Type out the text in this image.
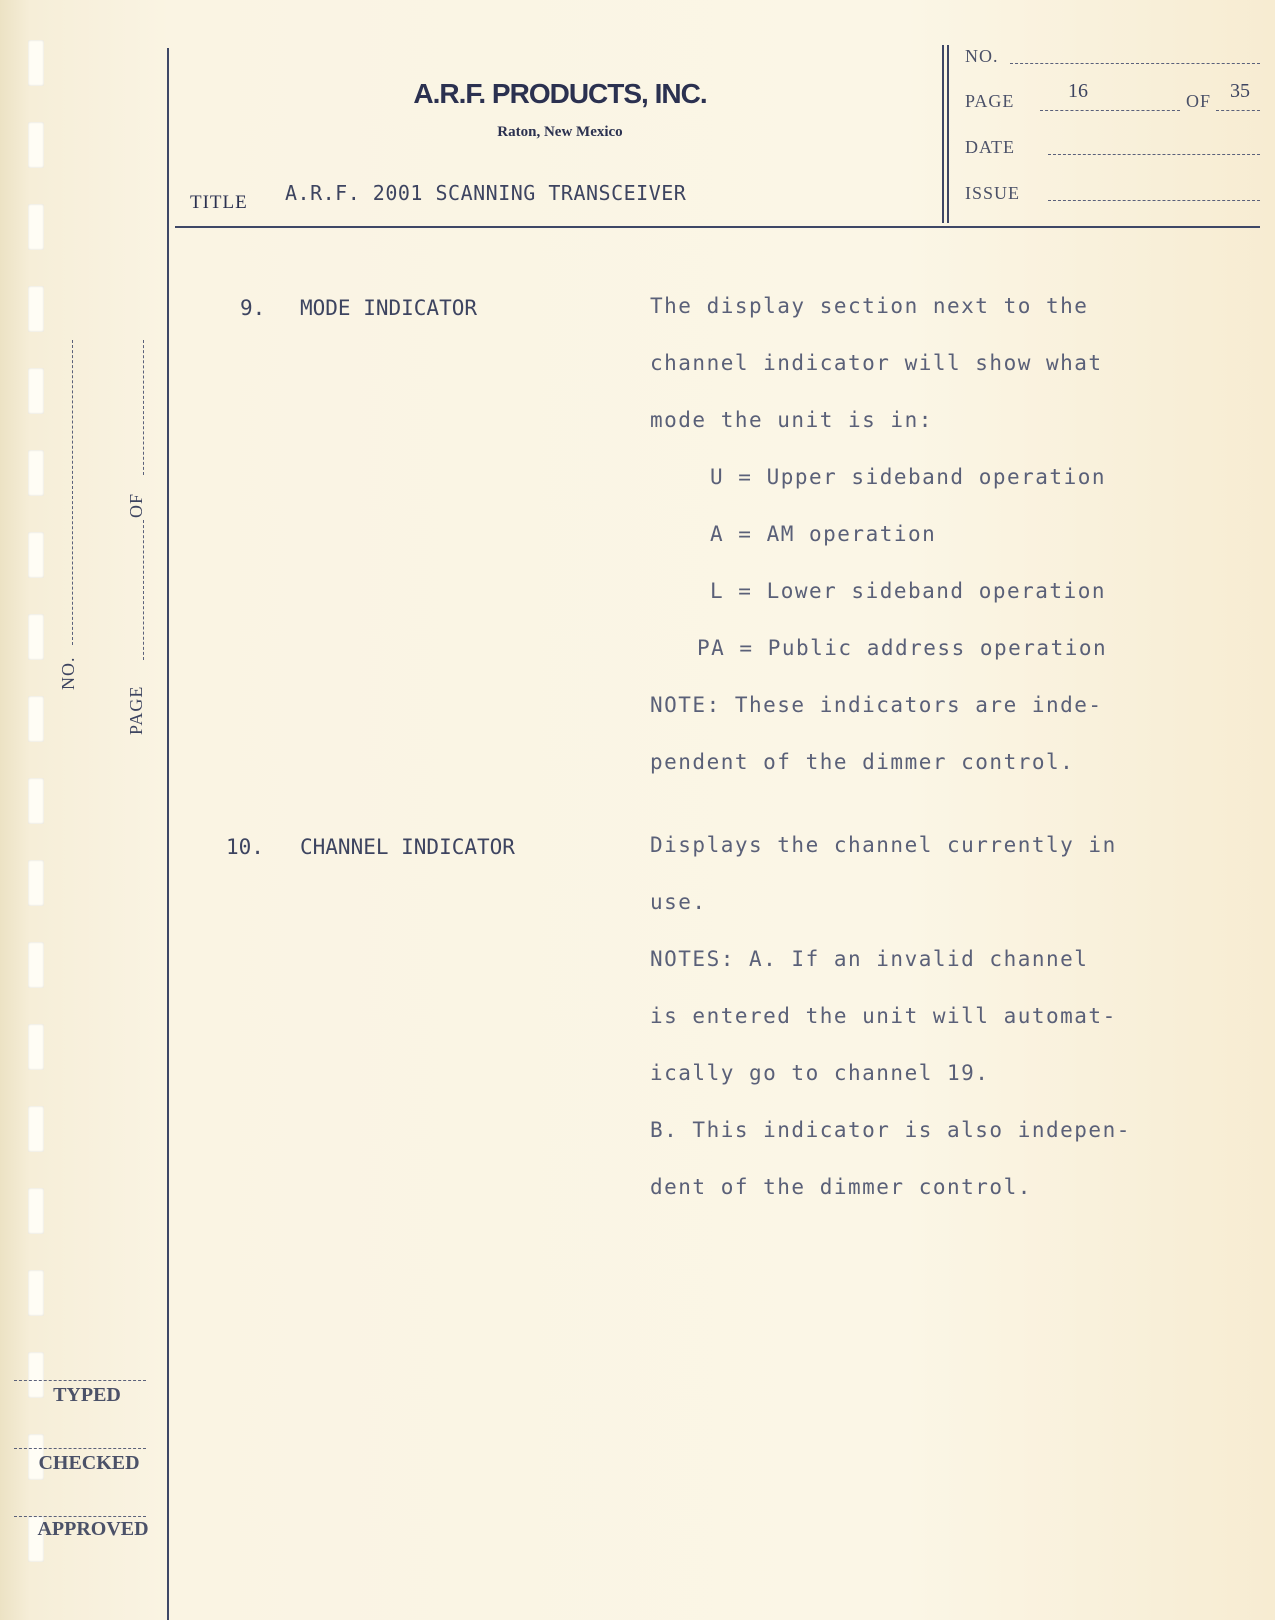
A.R.F. PRODUCTS, INC.
Raton, New Mexico
TITLE A.R.F. 2001 SCANNING TRANSCEIVER
NO.
PAGE	16	OF 35
DATE
ISSUE
NO.
PAGE
OF
TYPED
CHECKED
APPROVED
9. MODE INDICATOR	The display section next to the
channel indicator will show what
mode the unit is in:
U = Upper sideband operation
A = AM operation
L = Lower sideband operation
PA = Public address operation
NOTE: These indicators are inde-
pendent of the dimmer control.
10. CHANNEL INDICATOR	Displays the channel currently in
use.
NOTES: A. If an invalid channel
is entered the unit will automat-
ically go to channel 19.
B. This indicator is also indepen-
dent of the dimmer control.
